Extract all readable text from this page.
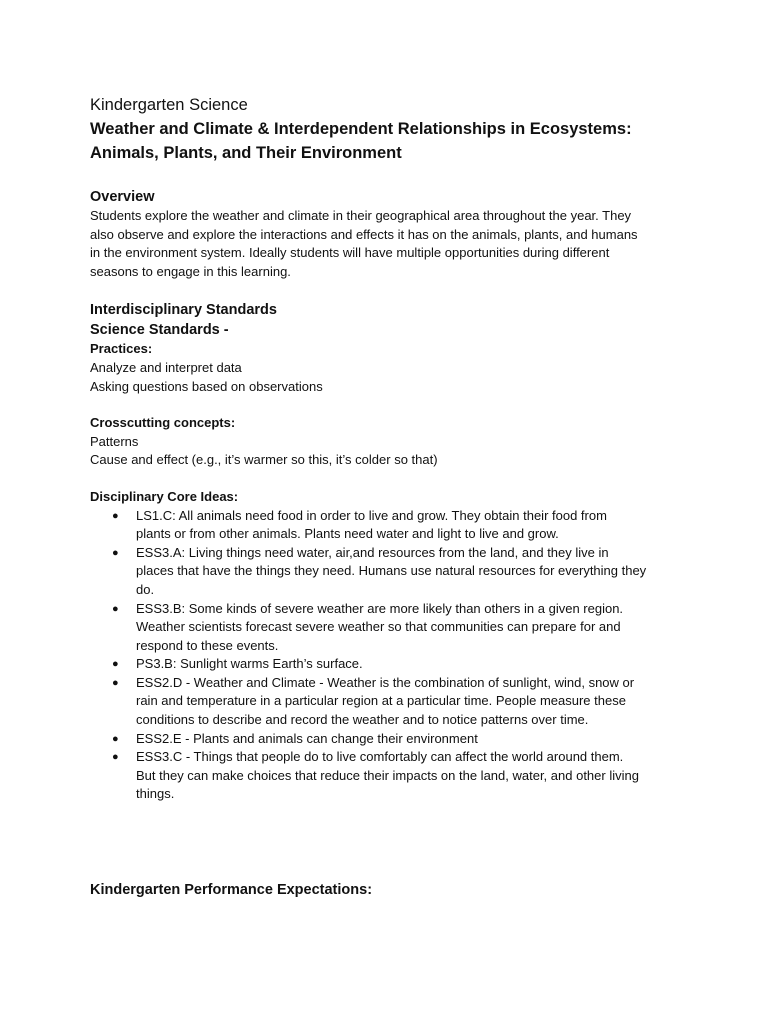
Kindergarten Science
Weather and Climate & Interdependent Relationships in Ecosystems:
Animals, Plants, and Their Environment
Overview
Students explore the weather and climate in their geographical area throughout the year. They
also observe and explore the interactions and effects it has on the animals, plants, and humans
in the environment system. Ideally students will have multiple opportunities during different
seasons to engage in this learning.
Interdisciplinary Standards
Science Standards -
Practices:
Analyze and interpret data
Asking questions based on observations
Crosscutting concepts:
Patterns
Cause and effect (e.g., it’s warmer so this, it’s colder so that)
Disciplinary Core Ideas:
● LS1.C: All animals need food in order to live and grow. They obtain their food from
plants or from other animals. Plants need water and light to live and grow.
● ESS3.A: Living things need water, air,and resources from the land, and they live in
places that have the things they need. Humans use natural resources for everything they
do.
● ESS3.B: Some kinds of severe weather are more likely than others in a given region.
Weather scientists forecast severe weather so that communities can prepare for and
respond to these events.
● PS3.B: Sunlight warms Earth’s surface.
● ESS2.D - Weather and Climate - Weather is the combination of sunlight, wind, snow or
rain and temperature in a particular region at a particular time. People measure these
conditions to describe and record the weather and to notice patterns over time.
● ESS2.E - Plants and animals can change their environment
● ESS3.C - Things that people do to live comfortably can affect the world around them.
But they can make choices that reduce their impacts on the land, water, and other living
things.
Kindergarten Performance Expectations:
